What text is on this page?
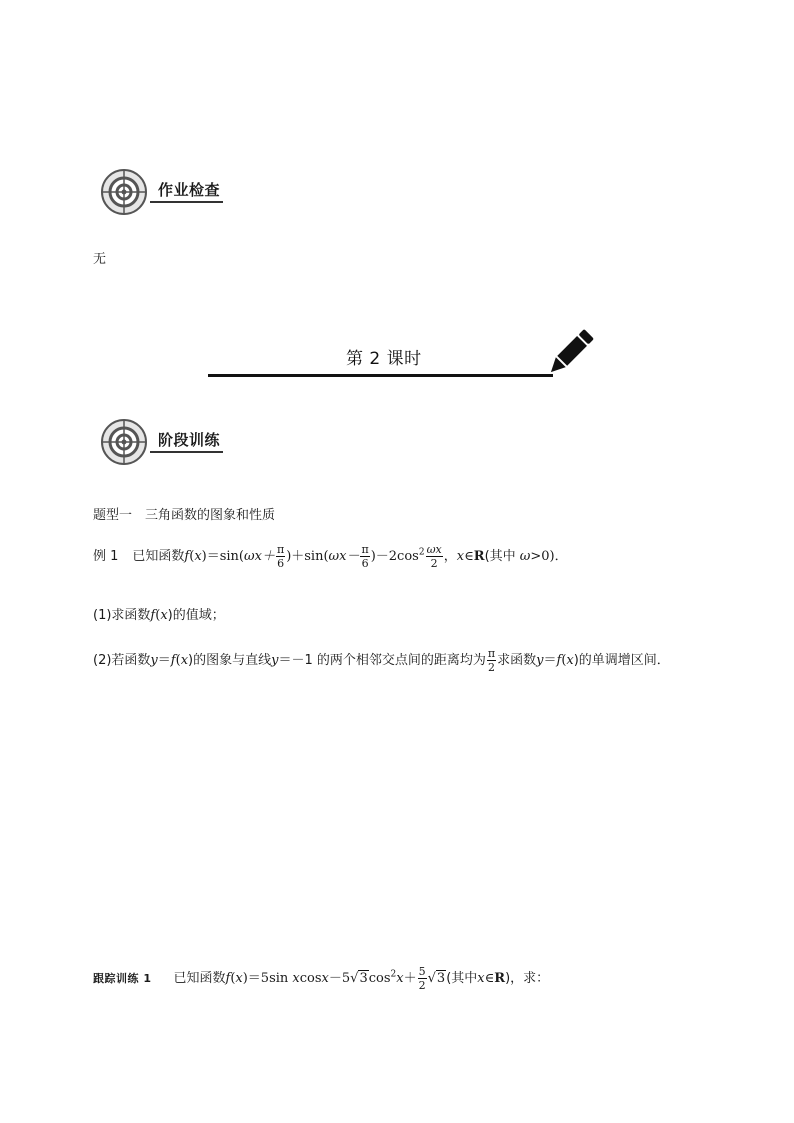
作业检查
无
第 2 课时
阶段训练
题型一　三角函数的图象和性质
例 1 已知函数$f(x)=\sin(\omega x+ \frac{\pi}{6} )+\sin(\omega x- \frac{\pi}{6} )-2\cos^2 \frac{\omega x}{2}$ ，x∈R(其中 ω>0)．
(1)求函数f(x)的值域；
(2)若函数y＝f(x)的图象与直线y＝－1 的两个相邻交点间的距离均为 $\frac{\pi}{2}$ 求函数y＝f(x)的单调增区间．
跟踪训练 1 已知函数f(x)＝5sin $xcosx-5√3\cos^2x+ \frac{5}{2} √3$(其中x∈R)，求：
